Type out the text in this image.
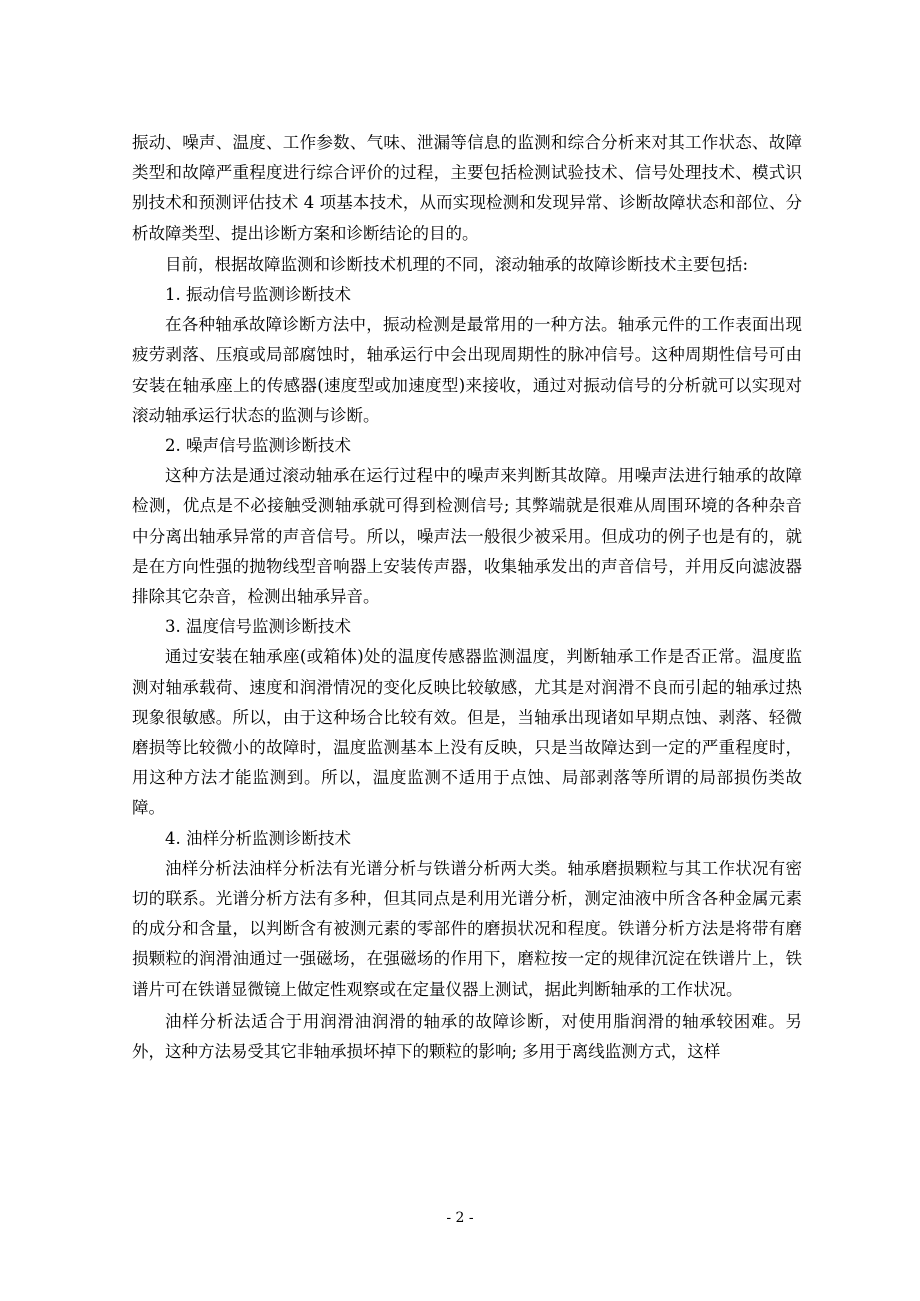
振动、噪声、温度、工作参数、气味、泄漏等信息的监测和综合分析来对其工作状态、故障类型和故障严重程度进行综合评价的过程，主要包括检测试验技术、信号处理技术、模式识别技术和预测评估技术 4 项基本技术，从而实现检测和发现异常、诊断故障状态和部位、分析故障类型、提出诊断方案和诊断结论的目的。

目前，根据故障监测和诊断技术机理的不同，滚动轴承的故障诊断技术主要包括:

1. 振动信号监测诊断技术

在各种轴承故障诊断方法中，振动检测是最常用的一种方法。轴承元件的工作表面出现疲劳剥落、压痕或局部腐蚀时，轴承运行中会出现周期性的脉冲信号。这种周期性信号可由安装在轴承座上的传感器(速度型或加速度型)来接收，通过对振动信号的分析就可以实现对滚动轴承运行状态的监测与诊断。

2. 噪声信号监测诊断技术

这种方法是通过滚动轴承在运行过程中的噪声来判断其故障。用噪声法进行轴承的故障检测，优点是不必接触受测轴承就可得到检测信号; 其弊端就是很难从周围环境的各种杂音中分离出轴承异常的声音信号。所以，噪声法一般很少被采用。但成功的例子也是有的，就是在方向性强的抛物线型音响器上安装传声器，收集轴承发出的声音信号，并用反向滤波器排除其它杂音，检测出轴承异音。

3. 温度信号监测诊断技术

通过安装在轴承座(或箱体)处的温度传感器监测温度，判断轴承工作是否正常。温度监测对轴承载荷、速度和润滑情况的变化反映比较敏感，尤其是对润滑不良而引起的轴承过热现象很敏感。所以，由于这种场合比较有效。但是，当轴承出现诸如早期点蚀、剥落、轻微磨损等比较微小的故障时，温度监测基本上没有反映，只是当故障达到一定的严重程度时，用这种方法才能监测到。所以，温度监测不适用于点蚀、局部剥落等所谓的局部损伤类故障。

4. 油样分析监测诊断技术

油样分析法油样分析法有光谱分析与铁谱分析两大类。轴承磨损颗粒与其工作状况有密切的联系。光谱分析方法有多种，但其同点是利用光谱分析，测定油液中所含各种金属元素的成分和含量，以判断含有被测元素的零部件的磨损状况和程度。铁谱分析方法是将带有磨损颗粒的润滑油通过一强磁场，在强磁场的作用下，磨粒按一定的规律沉淀在铁谱片上，铁谱片可在铁谱显微镜上做定性观察或在定量仪器上测试，据此判断轴承的工作状况。

油样分析法适合于用润滑油润滑的轴承的故障诊断，对使用脂润滑的轴承较困难。另外，这种方法易受其它非轴承损坏掉下的颗粒的影响; 多用于离线监测方式，这样

- 2 -
